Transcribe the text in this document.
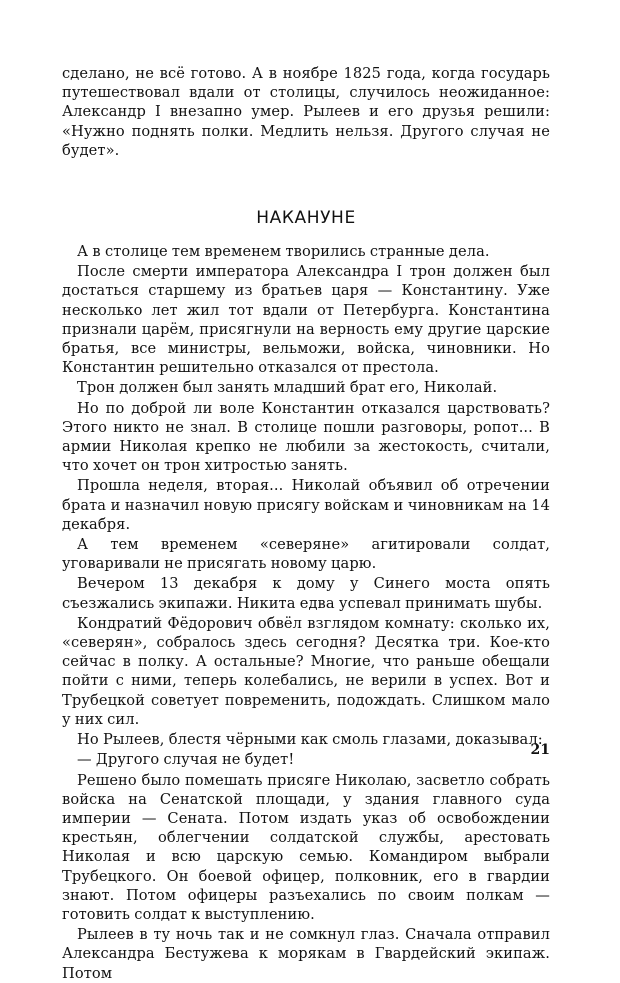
сделано, не всё готово. А в ноябре 1825 года, когда государь путешествовал вдали от столицы, случилось неожиданное: Александр I внезапно умер. Рылеев и его друзья решили: «Нужно поднять полки. Медлить нельзя. Другого случая не будет».

НАКАНУНЕ

А в столице тем временем творились странные дела.

После смерти императора Александра I трон должен был достаться старшему из братьев царя — Константину. Уже несколько лет жил тот вдали от Петербурга. Константина признали царём, присягнули на верность ему другие царские братья, все министры, вельможи, войска, чиновники. Но Константин решительно отказался от престола.

Трон должен был занять младший брат его, Николай.

Но по доброй ли воле Константин отказался царствовать? Этого никто не знал. В столице пошли разговоры, ропот... В армии Николая крепко не любили за жестокость, считали, что хочет он трон хитростью занять.

Прошла неделя, вторая... Николай объявил об отречении брата и назначил новую присягу войскам и чиновникам на 14 декабря.

А тем временем «северяне» агитировали солдат, уговаривали не присягать новому царю.

Вечером 13 декабря к дому у Синего моста опять съезжались экипажи. Никита едва успевал принимать шубы.

Кондратий Фёдорович обвёл взглядом комнату: сколько их, «северян», собралось здесь сегодня? Десятка три. Кое-кто сейчас в полку. А остальные? Многие, что раньше обещали пойти с ними, теперь колебались, не верили в успех. Вот и Трубецкой советует повременить, подождать. Слишком мало у них сил.

Но Рылеев, блестя чёрными как смоль глазами, доказывал:

— Другого случая не будет!

Решено было помешать присяге Николаю, засветло собрать войска на Сенатской площади, у здания главного суда империи — Сената. Потом издать указ об освобождении крестьян, облегчении солдатской службы, арестовать Николая и всю царскую семью. Командиром выбрали Трубецкого. Он боевой офицер, полковник, его в гвардии знают. Потом офицеры разъехались по своим полкам — готовить солдат к выступлению.

Рылеев в ту ночь так и не сомкнул глаз. Сначала отправил Александра Бестужева к морякам в Гвардейский экипаж. Потом

21
